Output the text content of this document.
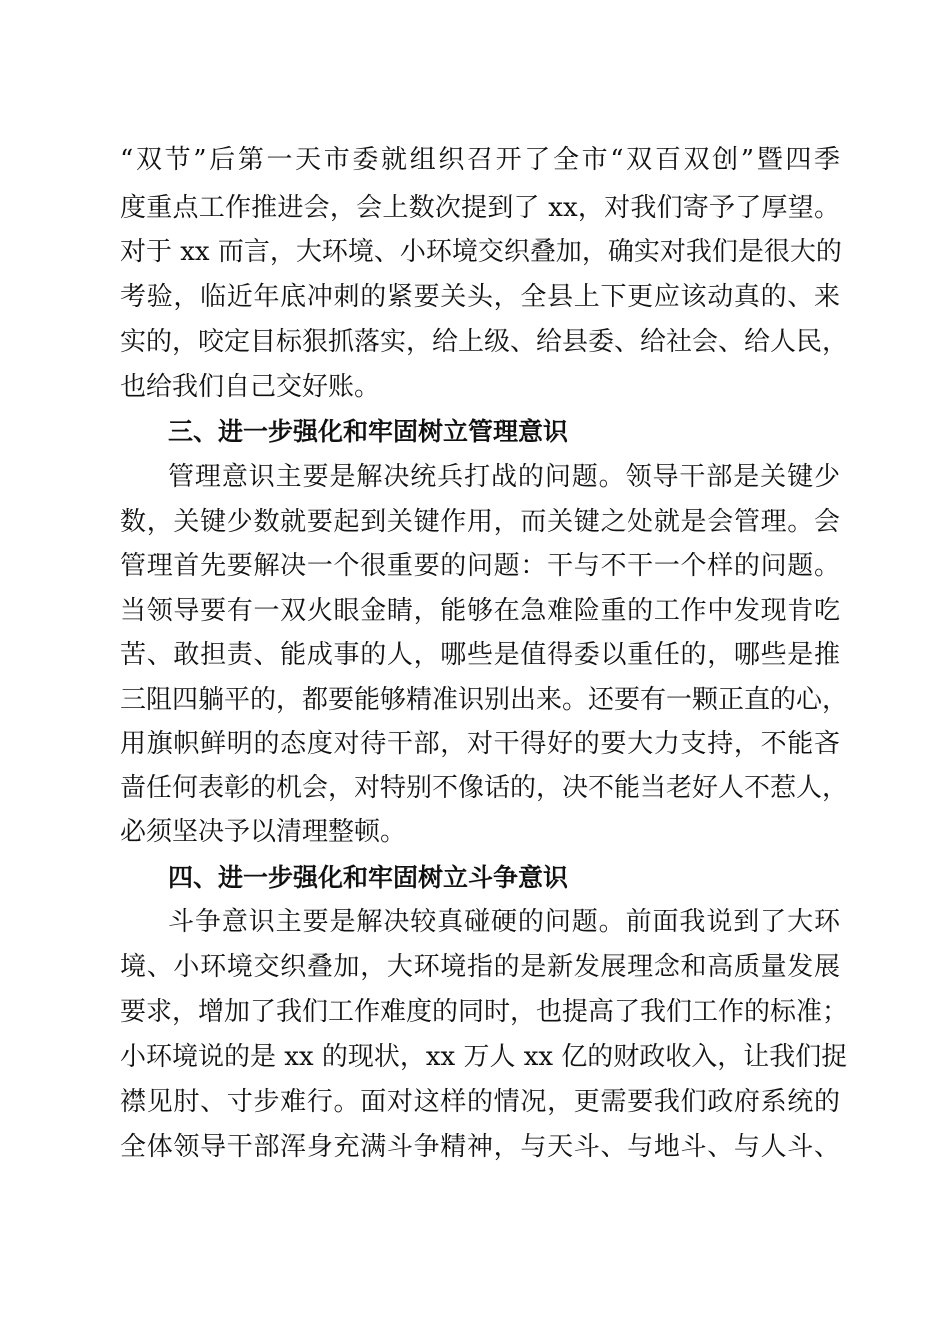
“双节”后第一天市委就组织召开了全市“双百双创”暨四季
度重点工作推进会，会上数次提到了 xx，对我们寄予了厚望。
对于 xx 而言，大环境、小环境交织叠加，确实对我们是很大的
考验，临近年底冲刺的紧要关头，全县上下更应该动真的、来
实的，咬定目标狠抓落实，给上级、给县委、给社会、给人民，
也给我们自己交好账。
三、进一步强化和牢固树立管理意识
管理意识主要是解决统兵打战的问题。领导干部是关键少
数，关键少数就要起到关键作用，而关键之处就是会管理。会
管理首先要解决一个很重要的问题：干与不干一个样的问题。
当领导要有一双火眼金睛，能够在急难险重的工作中发现肯吃
苦、敢担责、能成事的人，哪些是值得委以重任的，哪些是推
三阻四躺平的，都要能够精准识别出来。还要有一颗正直的心，
用旗帜鲜明的态度对待干部，对干得好的要大力支持，不能吝
啬任何表彰的机会，对特别不像话的，决不能当老好人不惹人，
必须坚决予以清理整顿。
四、进一步强化和牢固树立斗争意识
斗争意识主要是解决较真碰硬的问题。前面我说到了大环
境、小环境交织叠加，大环境指的是新发展理念和高质量发展
要求，增加了我们工作难度的同时，也提高了我们工作的标准；
小环境说的是 xx 的现状，xx 万人 xx 亿的财政收入，让我们捉
襟见肘、寸步难行。面对这样的情况，更需要我们政府系统的
全体领导干部浑身充满斗争精神，与天斗、与地斗、与人斗、
